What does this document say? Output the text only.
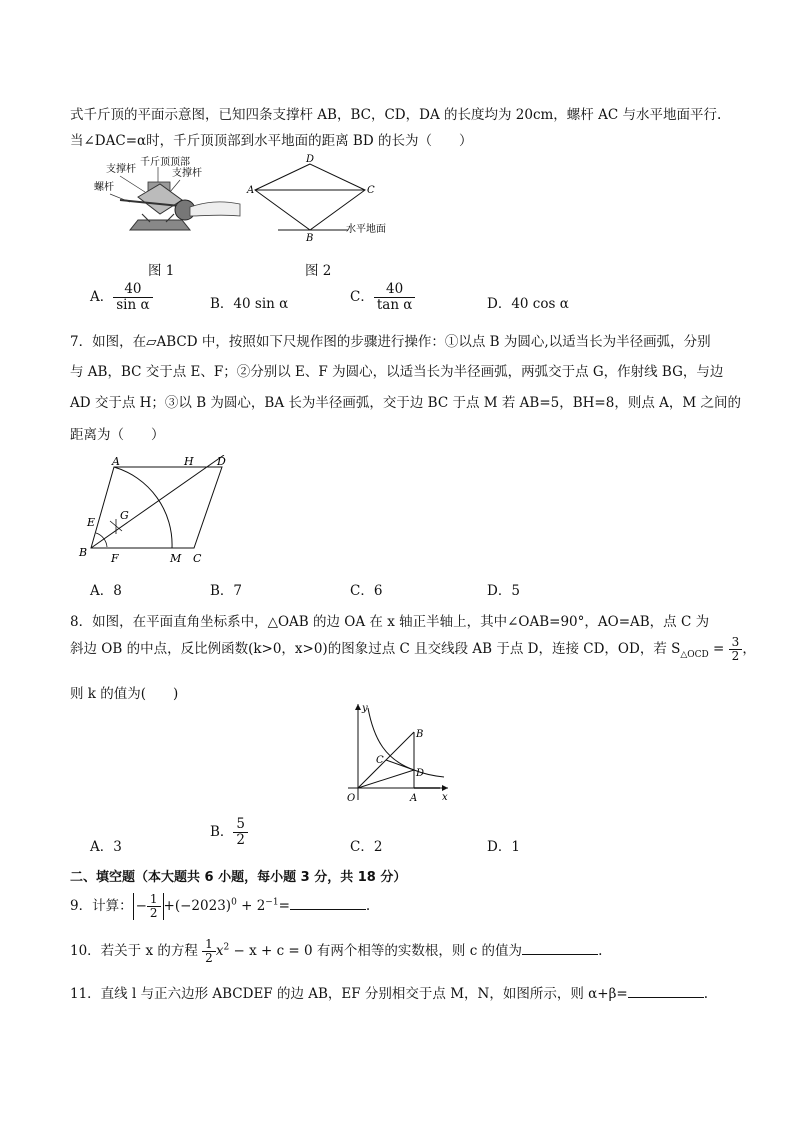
式千斤顶的平面示意图，已知四条支撑杆 AB，BC，CD，DA 的长度均为 20cm，螺杆 AC 与水平地面平行.
当∠DAC=α时，千斤顶顶部到水平地面的距离 BD 的长为（　　）
千斤顶顶部
支撑杆	支撑杆
螺杆
图 1
D
A	C
B
水平地面
图 2
A． $\frac{40}{\text{sin α}}$	B．40 sin α	C． $\frac{40}{\text{tan α}}$	D．40 cos α
7．如图，在▱ABCD 中，按照如下尺规作图的步骤进行操作：①以点 B 为圆心,以适当长为半径画弧，分别
与 AB，BC 交于点 E、F；②分别以 E、F 为圆心，以适当长为半径画弧，两弧交于点 G，作射线 BG，与边
AD 交于点 H；③以 B 为圆心，BA 长为半径画弧，交于边 BC 于点 M 若 AB=5，BH=8，则点 A，M 之间的
距离为（　　）
A	H D
E
G
B F	M C
A．8	B．7	C．6	D．5
8．如图，在平面直角坐标系中，△OAB 的边 OA 在 x 轴正半轴上，其中∠OAB=90°，AO=AB，点 C 为
斜边 OB 的中点，反比例函数(k>0，x>0)的图象过点 C 且交线段 AB 于点 D，连接 CD，OD，若 $S_{\triangle OCD} = \frac{3}{2}$ ，
则 k 的值为(　　)
y
x
O	A
B
C
D
A．3
B． $\frac{5}{2}$	C．2	D．1
二、填空题（本大题共 6 小题，每小题 3 分，共 18 分）
9．计算： − $\frac{1}{2} +(-2023)^0 + 2^{-1}=$	.
10．若关于 x 的方程 $\frac{1}{2} x^2 - x + c = 0$ 有两个相等的实数根，则 c 的值为	.
11．直线 l 与正六边形 ABCDEF 的边 AB，EF 分别相交于点 M，N，如图所示，则 α+β=	.
